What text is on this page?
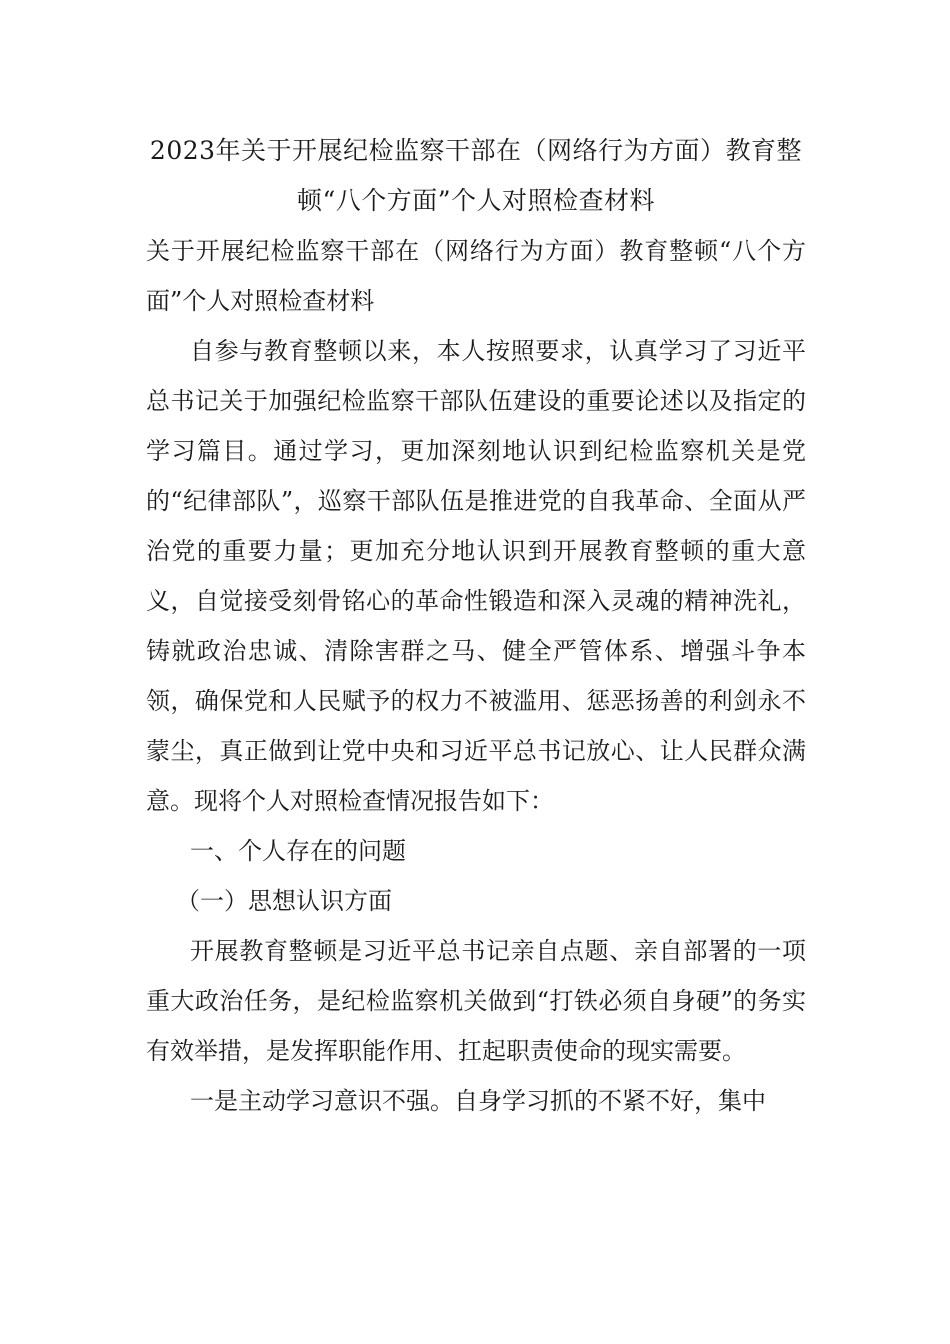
2023年关于开展纪检监察干部在（网络行为方面）教育整
顿“八个方面”个人对照检查材料

关于开展纪检监察干部在（网络行为方面）教育整顿“八个方面”个人对照检查材料

自参与教育整顿以来，本人按照要求，认真学习了习近平总书记关于加强纪检监察干部队伍建设的重要论述以及指定的学习篇目。通过学习，更加深刻地认识到纪检监察机关是党的“纪律部队”，巡察干部队伍是推进党的自我革命、全面从严治党的重要力量；更加充分地认识到开展教育整顿的重大意义，自觉接受刻骨铭心的革命性锻造和深入灵魂的精神洗礼，铸就政治忠诚、清除害群之马、健全严管体系、增强斗争本领，确保党和人民赋予的权力不被滥用、惩恶扬善的利剑永不蒙尘，真正做到让党中央和习近平总书记放心、让人民群众满意。现将个人对照检查情况报告如下：

一、个人存在的问题

（一）思想认识方面

开展教育整顿是习近平总书记亲自点题、亲自部署的一项重大政治任务，是纪检监察机关做到“打铁必须自身硬”的务实有效举措，是发挥职能作用、扛起职责使命的现实需要。

一是主动学习意识不强。自身学习抓的不紧不好，集中
